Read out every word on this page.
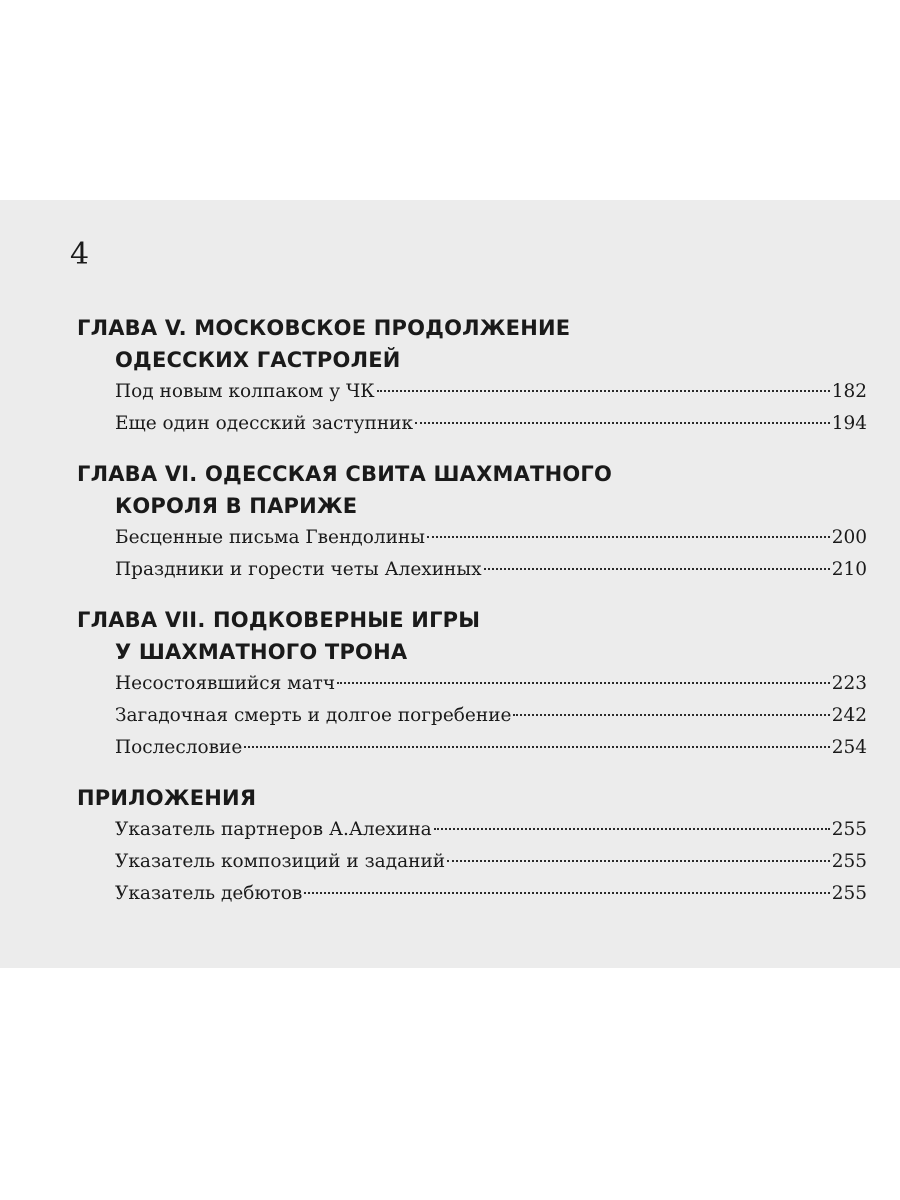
4
ГЛАВА V. МОСКОВСКОЕ ПРОДОЛЖЕНИЕ
ОДЕССКИХ ГАСТРОЛЕЙ
Под новым колпаком у ЧК	182
Еще один одесский заступник	194
ГЛАВА VI. ОДЕССКАЯ СВИТА ШАХМАТНОГО
КОРОЛЯ В ПАРИЖЕ
Бесценные письма Гвендолины	200
Праздники и горести четы Алехиных	210
ГЛАВА VII. ПОДКОВЕРНЫЕ ИГРЫ
У ШАХМАТНОГО ТРОНА
Несостоявшийся матч	223
Загадочная смерть и долгое погребение	242
Послесловие	254
ПРИЛОЖЕНИЯ
Указатель партнеров А.Алехина	255
Указатель композиций и заданий	255
Указатель дебютов	255
